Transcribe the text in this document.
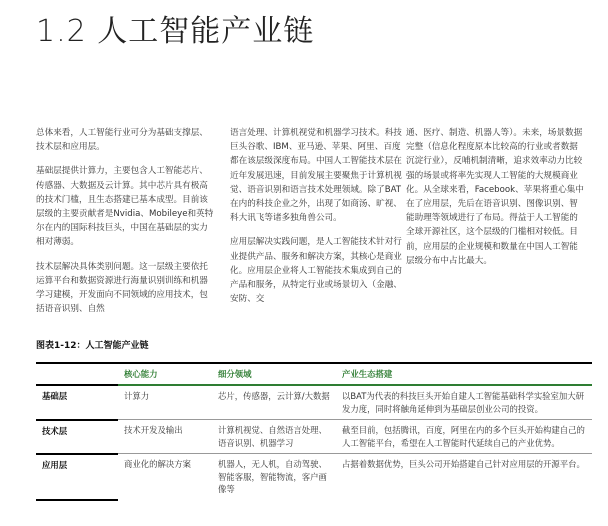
1.2 人工智能产业链

总体来看，人工智能行业可分为基础支撑层、技术层和应用层。

基础层提供计算力，主要包含人工智能芯片、传感器、大数据及云计算。其中芯片具有极高的技术门槛，且生态搭建已基本成型。目前该层级的主要贡献者是Nvidia、Mobileye和英特尔在内的国际科技巨头，中国在基础层的实力相对薄弱。

技术层解决具体类别问题。这一层级主要依托运算平台和数据资源进行海量识别训练和机器学习建模，开发面向不同领域的应用技术，包括语音识别、自然

语言处理、计算机视觉和机器学习技术。科技巨头谷歌、IBM、亚马逊、苹果、阿里、百度都在该层级深度布局。中国人工智能技术层在近年发展迅速，目前发展主要聚焦于计算机视觉、语音识别和语言技术处理领域。除了BAT在内的科技企业之外，出现了如商汤、旷视、科大讯飞等诸多独角兽公司。

应用层解决实践问题，是人工智能技术针对行业提供产品、服务和解决方案，其核心是商业化。应用层企业将人工智能技术集成到自己的产品和服务，从特定行业或场景切入（金融、安防、交

通、医疗、制造、机器人等）。未来，场景数据完整（信息化程度原本比较高的行业或者数据沉淀行业），反哺机制清晰，追求效率动力比较强的场景或将率先实现人工智能的大规模商业化。从全球来看，Facebook、苹果将重心集中在了应用层，先后在语音识别、图像识别、智能助理等领域进行了布局。得益于人工智能的全球开源社区，这个层级的门槛相对较低。目前，应用层的企业规模和数量在中国人工智能层级分布中占比最大。

图表1-12：人工智能产业链
	核心能力	细分领域	产业生态搭建
基础层	计算力	芯片，传感器，云计算/大数据	以BAT为代表的科技巨头开始自建人工智能基础科学实验室加大研发力度，同时将触角延伸到为基础层创业公司的投资。
技术层	技术开发及输出	计算机视觉、自然语言处理、语音识别、机器学习	截至目前，包括腾讯，百度，阿里在内的多个巨头开始构建自己的人工智能平台，希望在人工智能时代延续自己的产业优势。
应用层	商业化的解决方案	机器人，无人机，自动驾驶、智能客服，智能物流，客户画像等	占据着数据优势，巨头公司开始搭建自己针对应用层的开源平台。
